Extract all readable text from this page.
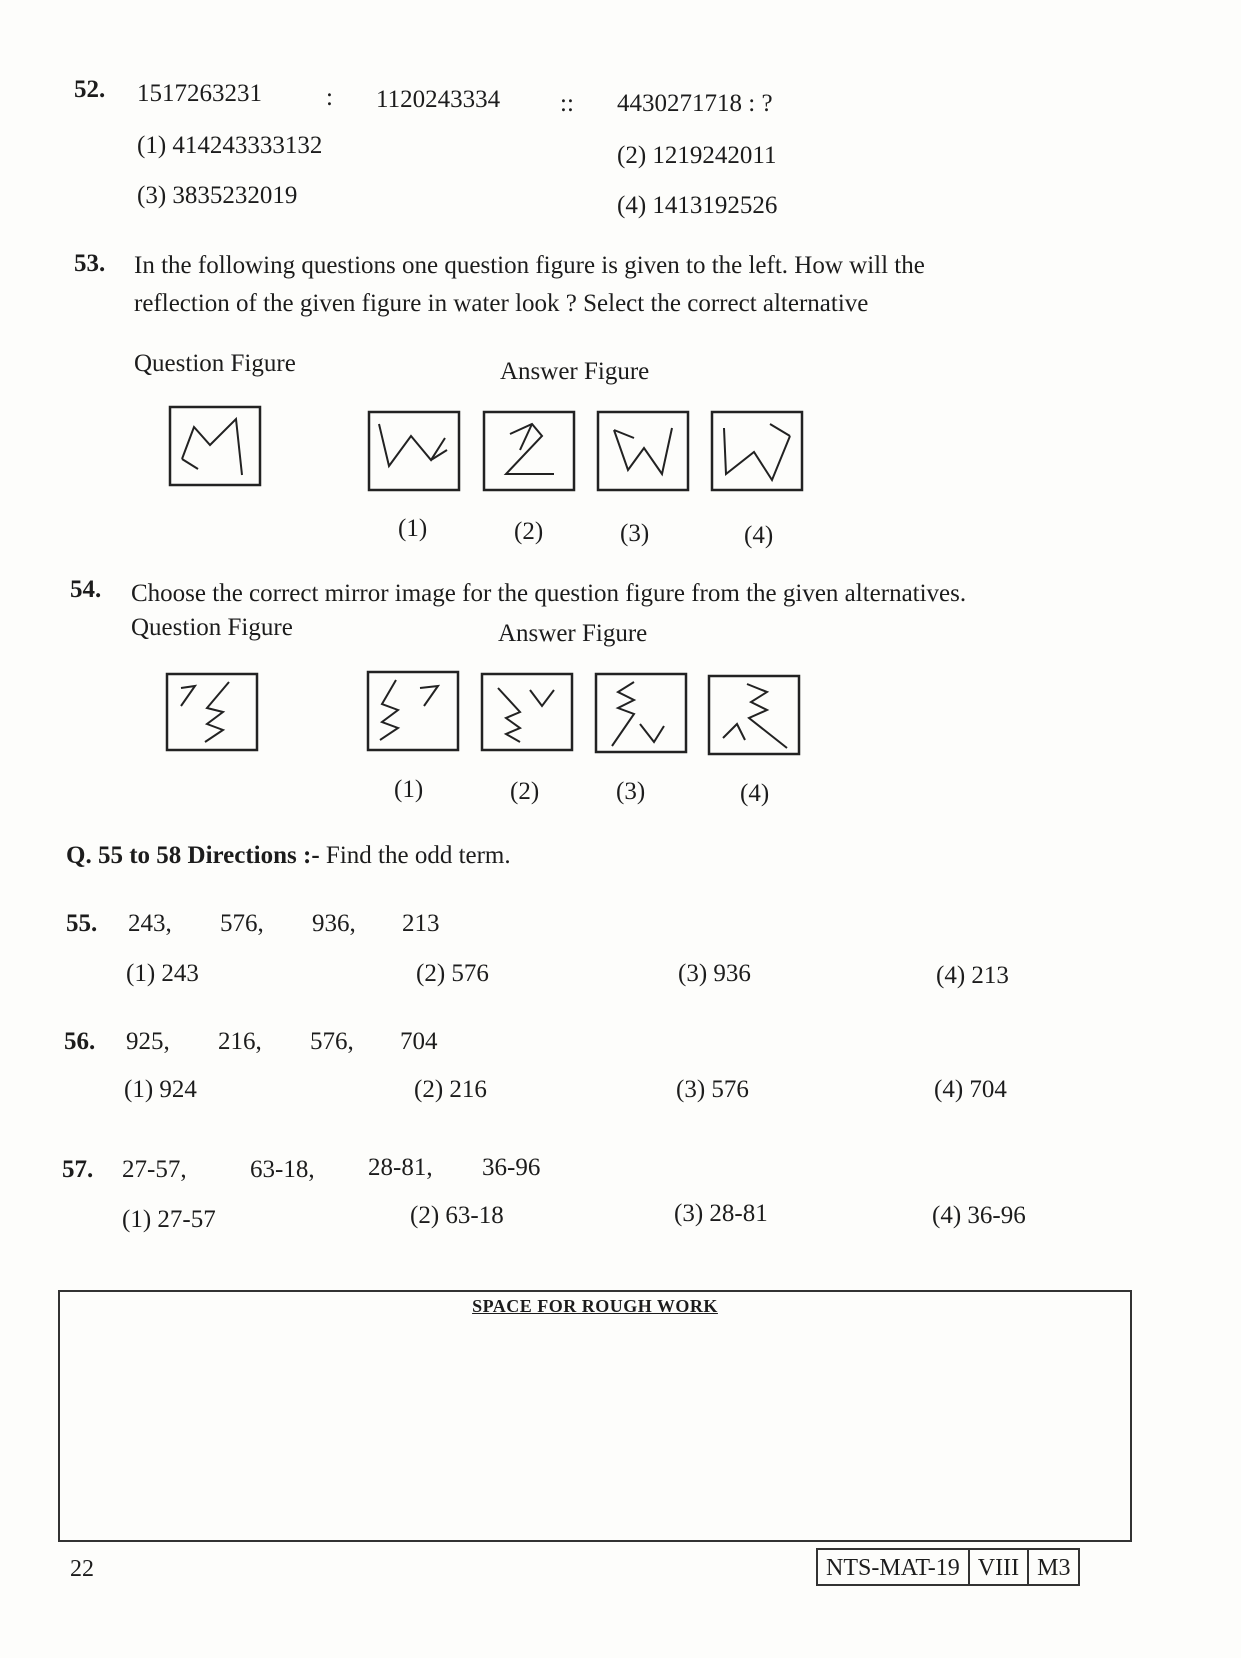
52. 1517263231	: 1120243334 :: 4430271718 : ?
(1) 414243333132	(2) 1219242011
(3) 3835232019	(4) 1413192526
53. In the following questions one question figure is given to the left. How will the
reflection of the given figure in water look ? Select the correct alternative
Question Figure	Answer Figure
(1)	(2)	(3)	(4)
54. Choose the correct mirror image for the question figure from the given alternatives.
Question Figure	Answer Figure
(1)	(2)	(3)	(4)
Q. 55 to 58 Directions :- Find the odd term.
55. 243, 576, 936, 213
(1) 243	(2) 576	(3) 936	(4) 213
56. 925, 216, 576, 704
(1) 924	(2) 216	(3) 576	(4) 704
57. 27-57,	63-18, 28-81, 36-96
(1) 27-57	(2) 63-18	(3) 28-81	(4) 36-96
SPACE FOR ROUGH WORK
22	NTS-MAT-19 VIII M3
